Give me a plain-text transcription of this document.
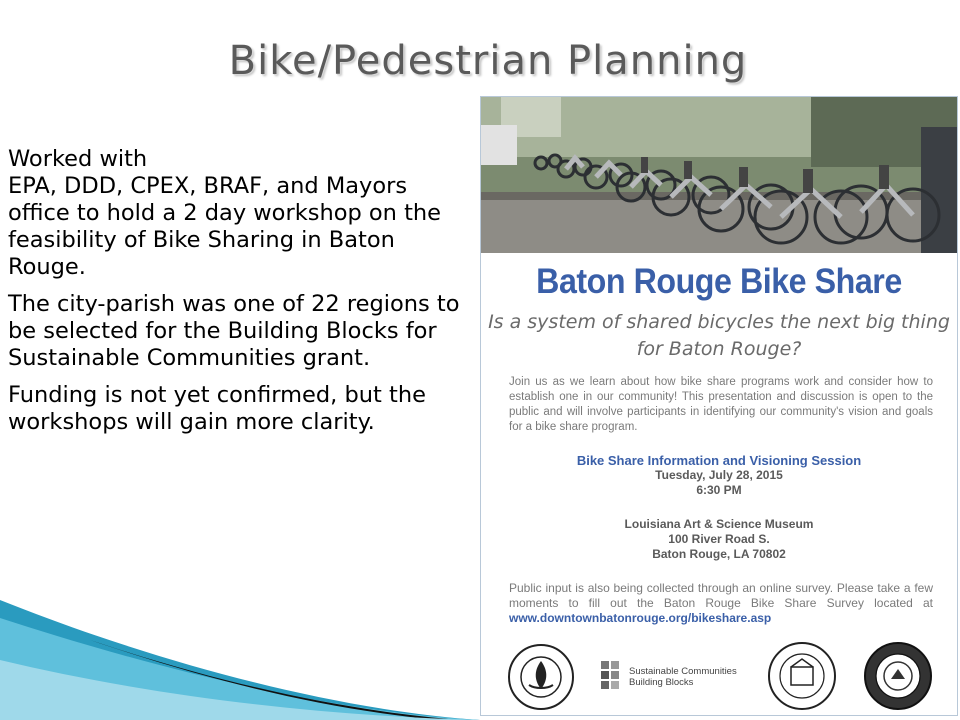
Bike/Pedestrian Planning

Worked with
EPA, DDD, CPEX, BRAF, and Mayors office to hold a 2 day workshop on the feasibility of Bike Sharing in Baton Rouge.

The city-parish was one of 22 regions to be selected for the Building Blocks for Sustainable Communities grant.

Funding is not yet confirmed, but the workshops will gain more clarity.

Baton Rouge Bike Share
Is a system of shared bicycles the next big thing for Baton Rouge?
Join us as we learn about how bike share programs work and consider how to establish one in our community! This presentation and discussion is open to the public and will involve participants in identifying our community's vision and goals for a bike share program.
Bike Share Information and Visioning Session
Tuesday, July 28, 2015
6:30 PM
Louisiana Art & Science Museum
100 River Road S.
Baton Rouge, LA 70802
Public input is also being collected through an online survey. Please take a few moments to fill out the Baton Rouge Bike Share Survey located at www.downtownbatonrouge.org/bikeshare.asp
Sustainable Communities
Building Blocks
